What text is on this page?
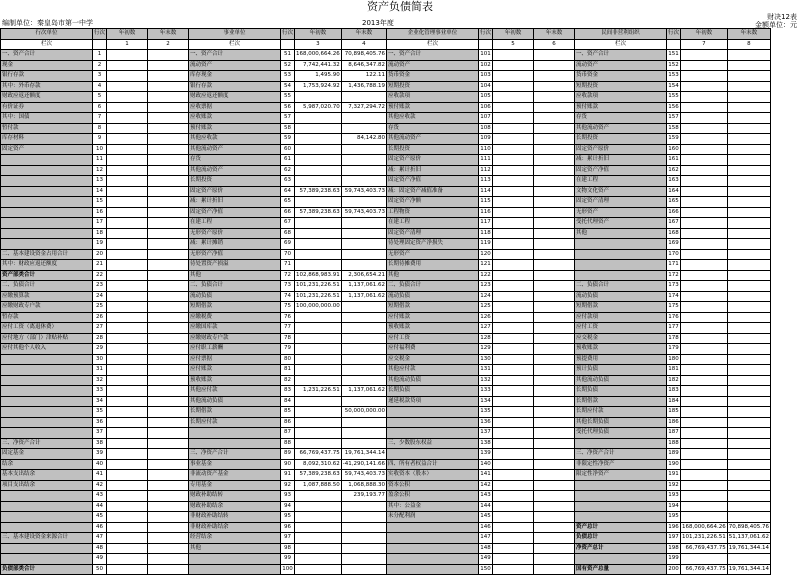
资产负债简表
编制单位：秦皇岛市第一中学	2013年度
财决12表
金额单位：元
行次单位	行次	年初数	年末数	事业单位	行次	年初数	年末数	企业化管理事业单位	行次	年初数	年末数	民间非营利组织	行次	年初数	年末数
栏次		1	2	栏次		3	4	栏次		5	6	栏次		7	8
一、资产合计	1			一、资产合计	51	168,000,664.26	70,898,405.76	一、资产合计	101			一、资产合计	151		
现金	2			流动资产	52	7,742,441.32	8,646,347.82	流动资产	102			流动资产	152		
银行存款	3			库存现金	53	1,495.90	122.11	货币资金	103			货币资金	153		
其中：外币存款	4			银行存款	54	1,753,924.92	1,436,788.19	短期投资	104			短期投资	154		
财政应返还额度	5			财政应返还额度	55			应收款项	105			应收款项	155		
有价证券	6			应收票据	56	5,987,020.70	7,327,294.72	预付账款	106			预付账款	156		
其中：国债	7			应收账款	57			其他应收款	107			存货	157		
暂付款	8			预付账款	58			存货	108			其他流动资产	158		
库存材料	9			其他应收款	59		84,142.80	其他流动资产	109			长期投资	159		
固定资产	10			其他流动资产	60			长期投资	110			固定资产原价	160		
	11			存货	61			固定资产原价	111			减：累计折旧	161		
	12			其他流动资产	62			减：累计折旧	112			固定资产净值	162		
	13			长期投资	63			固定资产净值	113			在建工程	163		
	14			固定资产原价	64	57,389,238.63	59,743,403.73	减：固定资产减值准备	114			文物文化资产	164		
	15			减：累计折旧	65			固定资产净额	115			固定资产清理	165		
	16			固定资产净值	66	57,389,238.63	59,743,403.73	工程物资	116			无形资产	166		
	17			在建工程	67			在建工程	117			受托代理资产	167		
	18			无形资产原价	68			固定资产清理	118			其他	168		
	19			减：累计摊销	69			待处理固定资产净损失	119				169		
二、基本建设资金占用合计	20			无形资产净值	70			无形资产	120				170		
其中：财政应返还额度	21			待处置资产损溢	71			长期待摊费用	121				171		
资产部类合计	22			其他	72	102,868,983.91	2,306,654.21	其他	122				172		
二、负债合计	23			二、负债合计	73	101,231,226.51	1,137,061.62	二、负债合计	123			二、负债合计	173		
应缴预算款	24			流动负债	74	101,231,226.51	1,137,061.62	流动负债	124			流动负债	174		
应缴财政专户款	25			短期借款	75	100,000,000.00		短期借款	125			短期借款	175		
暂存款	26			应缴税费	76			应付账款	126			应付款项	176		
应付工资（离退休费）	27			应缴国库款	77			预收账款	127			应付工资	177		
应付地方（部门）津贴补贴	28			应缴财政专户款	78			应付工资	128			应交税金	178		
应付其他个人收入	29			应付职工薪酬	79			应付福利费	129			预收账款	179		
	30			应付票据	80			应交税金	130			预提费用	180		
	31			应付账款	81			其他应付款	131			预计负债	181		
	32			预收账款	82			其他流动负债	132			其他流动负债	182		
	33			其他应付款	83	1,231,226.51	1,137,061.62	长期负债	133			长期负债	183		
	34			其他流动负债	84			递延税款贷项	134			长期借款	184		
	35			长期借款	85		50,000,000.00		135			长期应付款	185		
	36			长期应付款	86				136			其他长期负债	186		
	37				87				137			受托代理负债	187		
三、净资产合计	38				88			三、少数股东权益	138				188		
固定基金	39			三、净资产合计	89	66,769,437.75	19,761,344.14		139			三、净资产合计	189		
结余	40			事业基金	90	8,092,310.62	-41,290,141.66	四、所有者权益合计	140			非限定性净资产	190		
基本支出结余	41			非流动资产基金	91	57,389,238.63	59,743,403.73	实收资本（股本）	141			限定性净资产	191		
项目支出结余	42			专用基金	92	1,087,888.50	1,068,888.30	资本公积	142				192		
	43			财政补助结转	93		239,193.77	盈余公积	143				193		
	44			财政补助结余	94			其中：公益金	144				194		
	45			非财政补助结转	95			未分配利润	145				195		
	46			非财政补助结余	96				146			资产总计	196	168,000,664.26	70,898,405.76
三、基本建设资金来源合计	47			经营结余	97				147			负债总计	197	101,231,226.51	51,137,061.62
	48			其他	98				148			净资产总计	198	66,769,437.75	19,761,344.14
	49				99				149				199		
负债部类合计	50				100				150			国有资产总量	200	66,769,437.75	19,761,344.14
